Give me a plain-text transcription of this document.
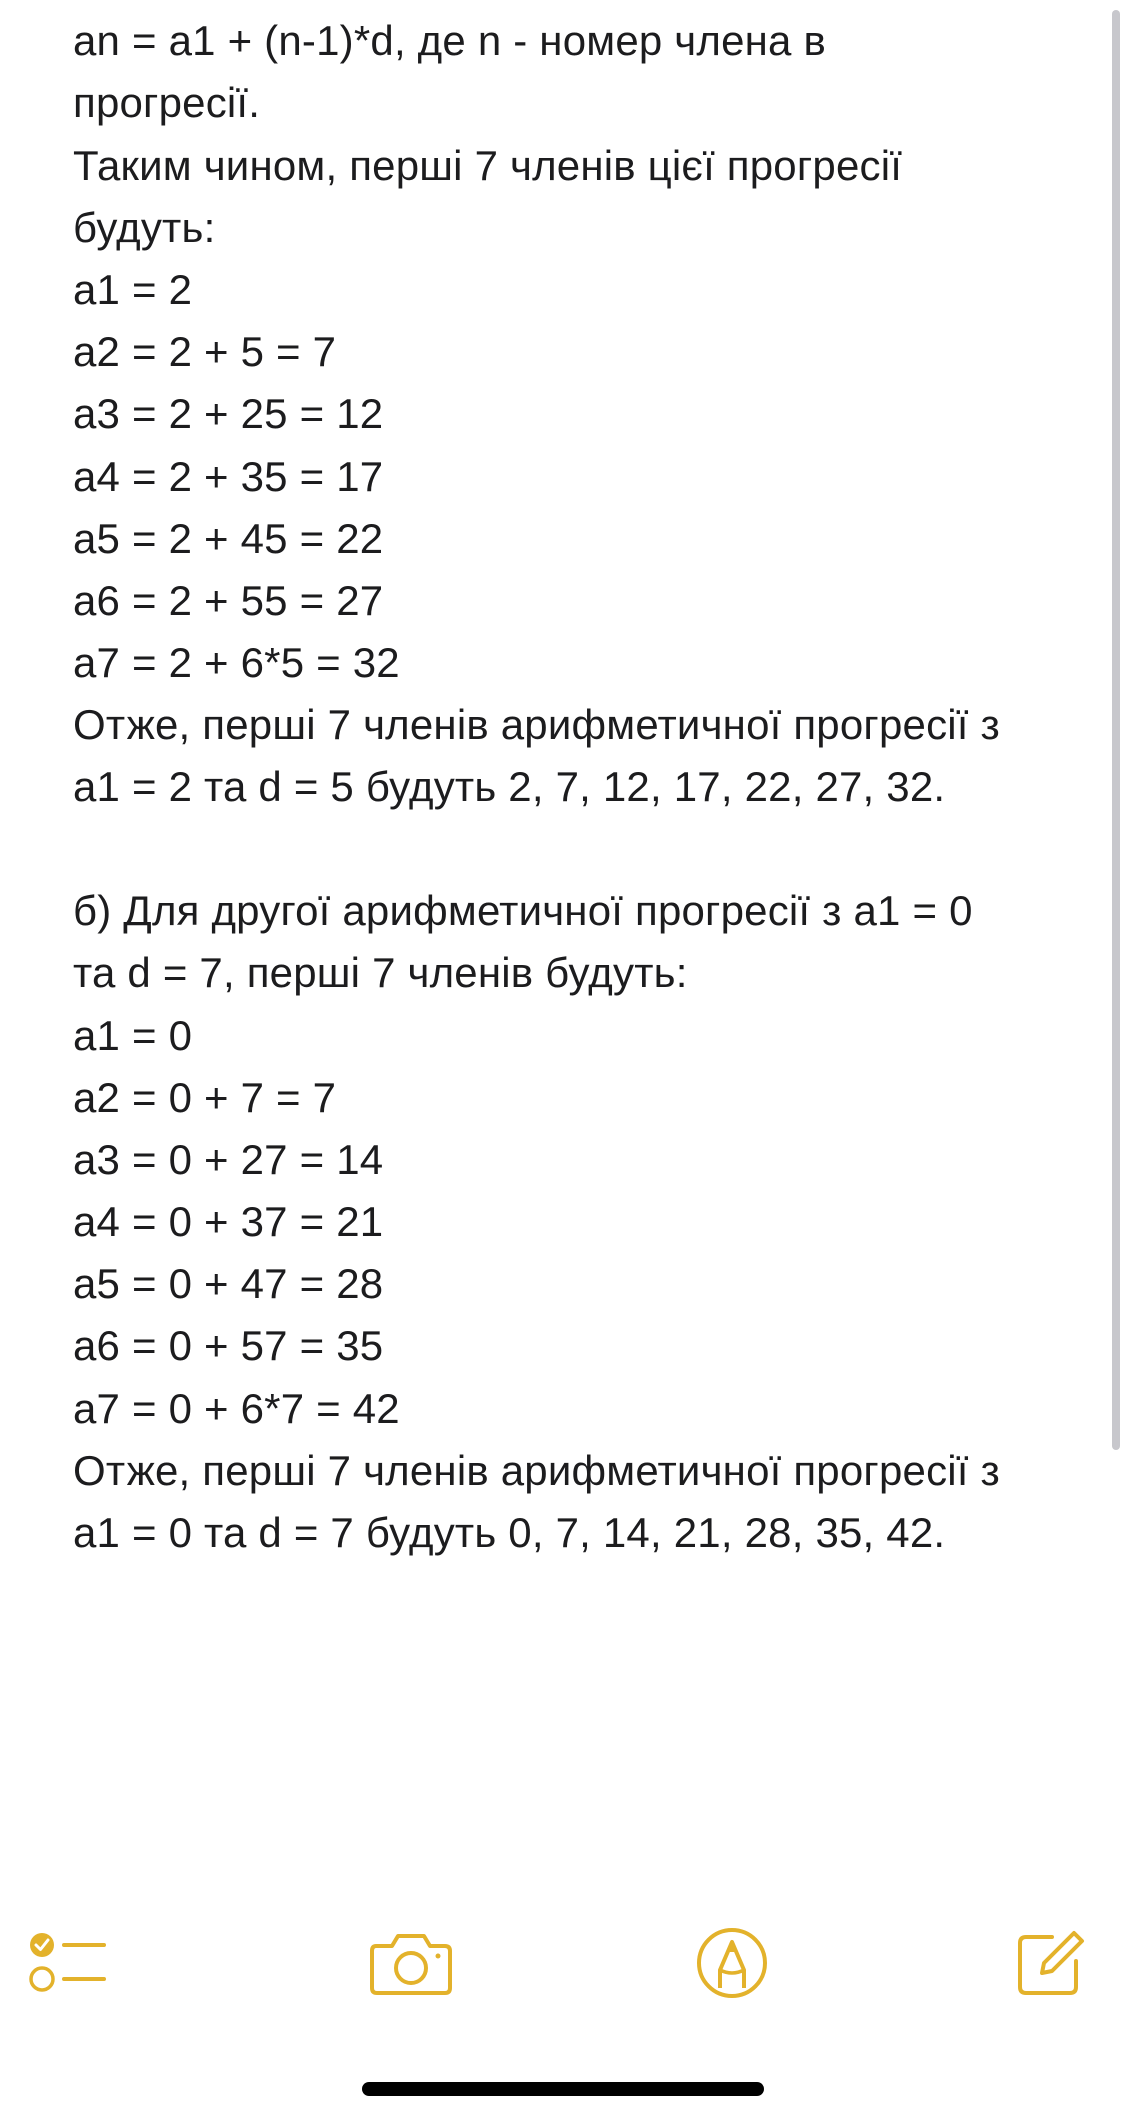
an = a1 + (n-1)*d, де n - номер члена в
прогресії.
Таким чином, перші 7 членів цієї прогресії
будуть:
a1 = 2
a2 = 2 + 5 = 7
a3 = 2 + 25 = 12
a4 = 2 + 35 = 17
a5 = 2 + 45 = 22
a6 = 2 + 55 = 27
a7 = 2 + 6*5 = 32
Отже, перші 7 членів арифметичної прогресії з
a1 = 2 та d = 5 будуть 2, 7, 12, 17, 22, 27, 32.
б) Для другої арифметичної прогресії з a1 = 0
та d = 7, перші 7 членів будуть:
a1 = 0
a2 = 0 + 7 = 7
a3 = 0 + 27 = 14
a4 = 0 + 37 = 21
a5 = 0 + 47 = 28
a6 = 0 + 57 = 35
a7 = 0 + 6*7 = 42
Отже, перші 7 членів арифметичної прогресії з
a1 = 0 та d = 7 будуть 0, 7, 14, 21, 28, 35, 42.
